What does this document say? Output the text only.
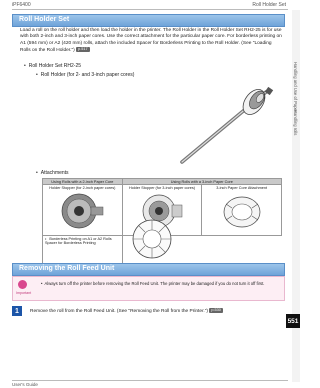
iPF6400	Roll Holder Set
Handling and Use of Paper
Handling rolls
551
Roll Holder Set

Load a roll on the roll holder and then load the holder in the printer. The Roll Holder in the Roll Holder Set RH2-25 is for use with both 2-inch and 3-inch paper cores. Use the correct attachment for the particular paper core. For borderless printing on A1 (594 mm) or A2 (420 mm) rolls, attach the included Spacer for Borderless Printing to the Roll Holder. (See "Loading Rolls on the Roll Holder.") p.517

• Roll Holder Set RH2-25
• Roll Holder (for 2- and 3-inch paper cores)
• Attachments
Using Rolls with a 2-inch Paper Core	Using Rolls with a 3-inch Paper Core	

Holder Stopper (for 2-inch paper cores)	Holder Stopper (for 3-inch paper cores)	3-inch Paper Core Attachment

• Borderless Printing on A1 or A2 Rolls Spacer for Borderless Printing	
Removing the Roll Feed Unit
Important
• Always turn off the printer before removing the Roll Feed Unit. The printer may be damaged if you do not turn it off first.
1	Remove the roll from the Roll Feed Unit. (See "Removing the Roll from the Printer.") p.530
User's Guide
